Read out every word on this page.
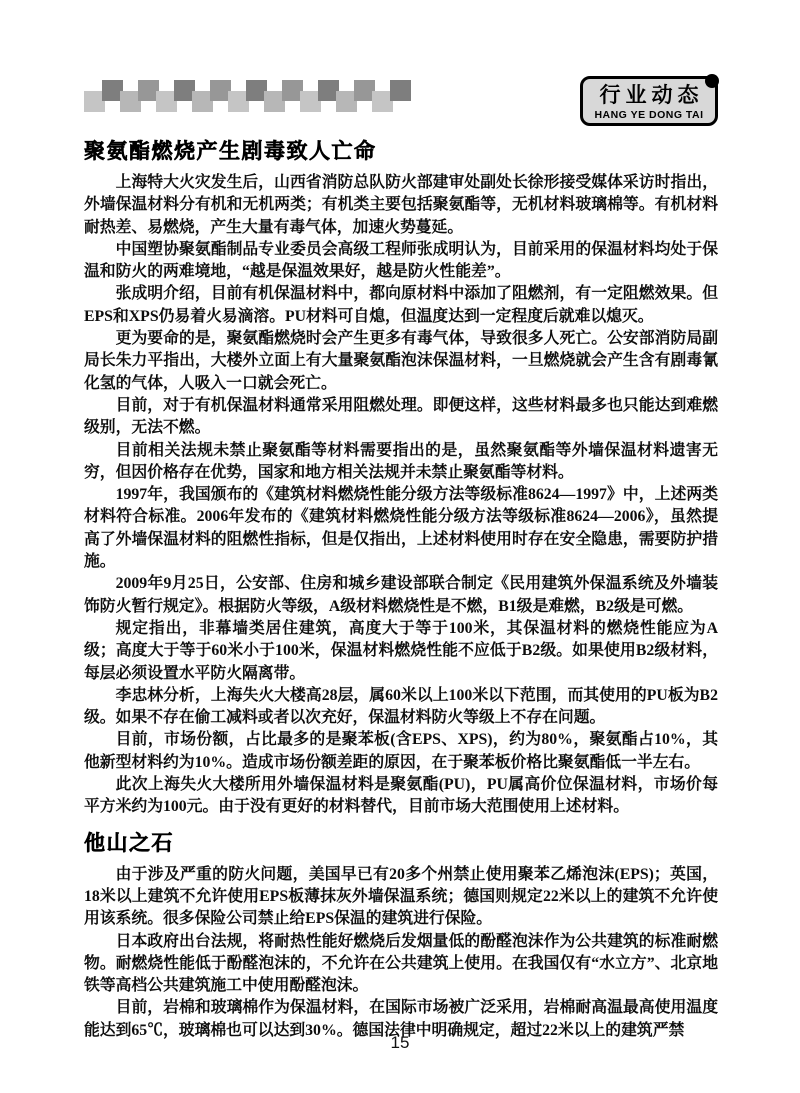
行业动态
HANG YE DONG TAI
聚氨酯燃烧产生剧毒致人亡命

上海特大火灾发生后，山西省消防总队防火部建审处副处长徐形接受媒体采访时指出，外墙保温材料分有机和无机两类；有机类主要包括聚氨酯等，无机材料玻璃棉等。有机材料耐热差、易燃烧，产生大量有毒气体，加速火势蔓延。

中国塑协聚氨酯制品专业委员会高级工程师张成明认为，目前采用的保温材料均处于保温和防火的两难境地，“越是保温效果好，越是防火性能差”。

张成明介绍，目前有机保温材料中，都向原材料中添加了阻燃剂，有一定阻燃效果。但EPS和XPS仍易着火易滴溶。PU材料可自熄，但温度达到一定程度后就难以熄灭。

更为要命的是，聚氨酯燃烧时会产生更多有毒气体，导致很多人死亡。公安部消防局副局长朱力平指出，大楼外立面上有大量聚氨酯泡沫保温材料，一旦燃烧就会产生含有剧毒氰化氢的气体，人吸入一口就会死亡。

目前，对于有机保温材料通常采用阻燃处理。即便这样，这些材料最多也只能达到难燃级别，无法不燃。

目前相关法规未禁止聚氨酯等材料需要指出的是，虽然聚氨酯等外墙保温材料遗害无穷，但因价格存在优势，国家和地方相关法规并未禁止聚氨酯等材料。

1997年，我国颁布的《建筑材料燃烧性能分级方法等级标准8624—1997》中，上述两类材料符合标准。2006年发布的《建筑材料燃烧性能分级方法等级标准8624—2006》，虽然提高了外墙保温材料的阻燃性指标，但是仅指出，上述材料使用时存在安全隐患，需要防护措施。

2009年9月25日，公安部、住房和城乡建设部联合制定《民用建筑外保温系统及外墙装饰防火暂行规定》。根据防火等级，A级材料燃烧性是不燃，B1级是难燃，B2级是可燃。

规定指出，非幕墙类居住建筑，高度大于等于100米，其保温材料的燃烧性能应为A级；高度大于等于60米小于100米，保温材料燃烧性能不应低于B2级。如果使用B2级材料，每层必须设置水平防火隔离带。

李忠林分析，上海失火大楼高28层，属60米以上100米以下范围，而其使用的PU板为B2级。如果不存在偷工减料或者以次充好，保温材料防火等级上不存在问题。

目前，市场份额，占比最多的是聚苯板(含EPS、XPS)，约为80%，聚氨酯占10%，其他新型材料约为10%。造成市场份额差距的原因，在于聚苯板价格比聚氨酯低一半左右。

此次上海失火大楼所用外墙保温材料是聚氨酯(PU)，PU属高价位保温材料，市场价每平方米约为100元。由于没有更好的材料替代，目前市场大范围使用上述材料。

他山之石

由于涉及严重的防火问题，美国早已有20多个州禁止使用聚苯乙烯泡沫(EPS)；英国，18米以上建筑不允许使用EPS板薄抹灰外墙保温系统；德国则规定22米以上的建筑不允许使用该系统。很多保险公司禁止给EPS保温的建筑进行保险。

日本政府出台法规，将耐热性能好燃烧后发烟量低的酚醛泡沫作为公共建筑的标准耐燃物。耐燃烧性能低于酚醛泡沫的，不允许在公共建筑上使用。在我国仅有“水立方”、北京地铁等高档公共建筑施工中使用酚醛泡沫。

目前，岩棉和玻璃棉作为保温材料，在国际市场被广泛采用，岩棉耐高温最高使用温度能达到65℃，玻璃棉也可以达到30%。德国法律中明确规定，超过22米以上的建筑严禁

15
